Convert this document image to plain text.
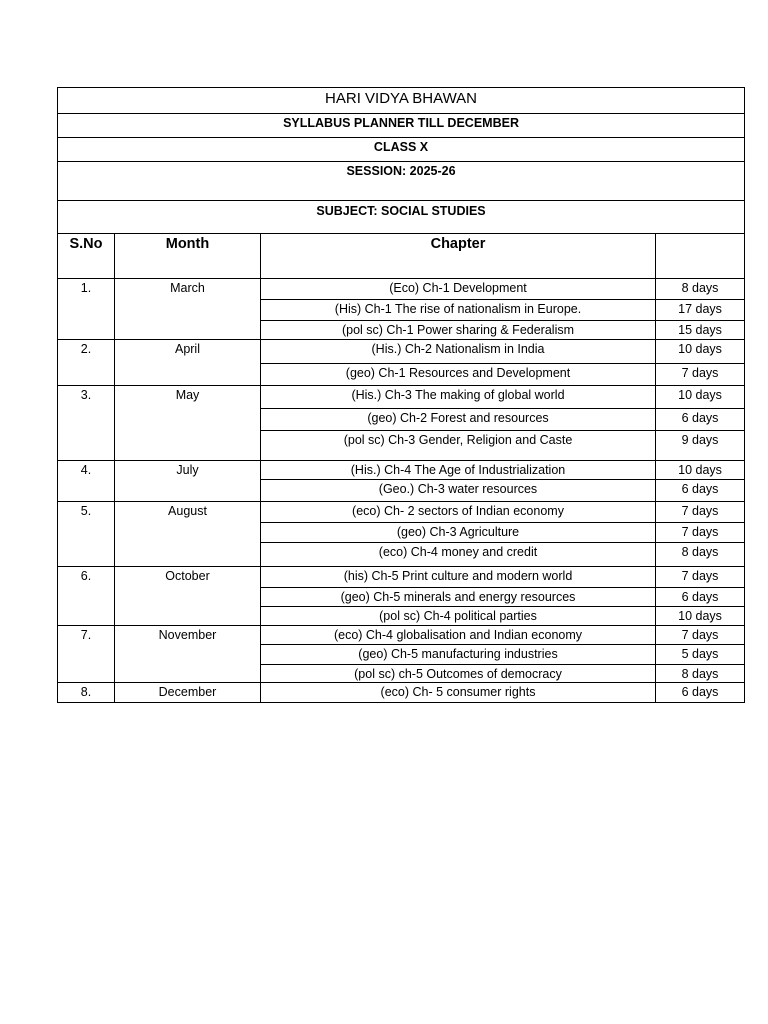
HARI VIDYA BHAWAN			

SYLLABUS PLANNER TILL DECEMBER			

CLASS X			

SESSION: 2025-26			

SUBJECT: SOCIAL STUDIES			

S.No	Month	Chapter	

1.	March	(Eco) Ch-1 Development	8 days

		(His) Ch-1 The rise of nationalism in Europe.	17 days

		(pol sc) Ch-1 Power sharing & Federalism	15 days

2.	April	(His.) Ch-2 Nationalism in India	10 days

		(geo) Ch-1 Resources and Development	7 days

3.	May	(His.) Ch-3 The making of global world	10 days

		(geo) Ch-2 Forest and resources	6 days

		(pol sc) Ch-3 Gender, Religion and Caste	9 days

4.	July	(His.) Ch-4 The Age of Industrialization	10 days

		(Geo.) Ch-3 water resources	6 days

5.	August	(eco) Ch- 2 sectors of Indian economy	7 days

		(geo) Ch-3 Agriculture	7 days

		(eco) Ch-4 money and credit	8 days

6.	October	(his) Ch-5 Print culture and modern world	7 days

		(geo) Ch-5 minerals and energy resources	6 days

		(pol sc) Ch-4 political parties	10 days

7.	November	(eco) Ch-4 globalisation and Indian economy	7 days

		(geo) Ch-5 manufacturing industries	5 days

		(pol sc) ch-5 Outcomes of democracy	8 days

8.	December	(eco) Ch- 5 consumer rights	6 days
